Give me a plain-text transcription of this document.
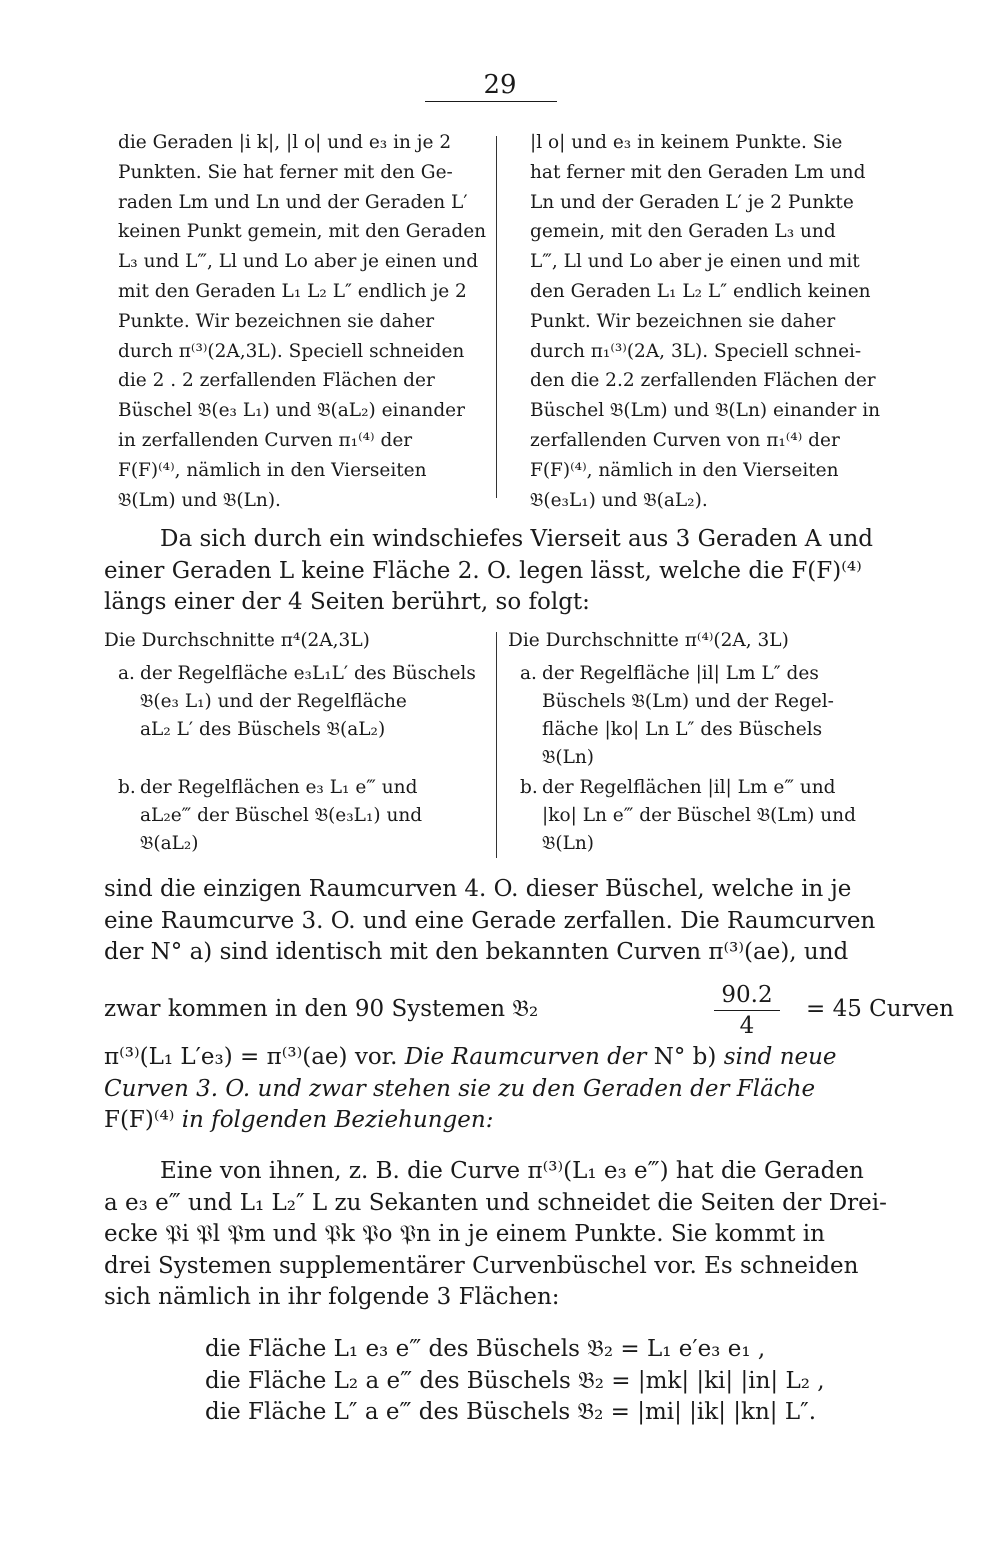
29
die Geraden |i k|, |l o| und e₃ in je 2
Punkten. Sie hat ferner mit den Ge-
raden Lm und Ln und der Geraden L′
keinen Punkt gemein, mit den Geraden
L₃ und L‴, Ll und Lo aber je einen und
mit den Geraden L₁ L₂ L″ endlich je 2
Punkte. Wir bezeichnen sie daher
durch π⁽³⁾(2A,3L). Speciell schneiden
die 2 . 2 zerfallenden Flächen der
Büschel 𝔅(e₃ L₁) und 𝔅(aL₂) einander
in zerfallenden Curven π₁⁽⁴⁾ der
F(F)⁽⁴⁾, nämlich in den Vierseiten
𝔅(Lm) und 𝔅(Ln).
|l o| und e₃ in keinem Punkte. Sie
hat ferner mit den Geraden Lm und
Ln und der Geraden L′ je 2 Punkte
gemein, mit den Geraden L₃ und
L‴, Ll und Lo aber je einen und mit
den Geraden L₁ L₂ L″ endlich keinen
Punkt. Wir bezeichnen sie daher
durch π₁⁽³⁾(2A, 3L). Speciell schnei-
den die 2.2 zerfallenden Flächen der
Büschel 𝔅(Lm) und 𝔅(Ln) einander in
zerfallenden Curven von π₁⁽⁴⁾ der
F(F)⁽⁴⁾, nämlich in den Vierseiten
𝔅(e₃L₁) und 𝔅(aL₂).
Da sich durch ein windschiefes Vierseit aus 3 Geraden A und
einer Geraden L keine Fläche 2. O. legen lässt, welche die F(F)⁽⁴⁾
längs einer der 4 Seiten berührt, so folgt:
Die Durchschnitte π⁴(2A,3L)	Die Durchschnitte π⁽⁴⁾(2A, 3L)
a. der Regelfläche e₃L₁L′ des Büschels
𝔅(e₃ L₁) und der Regelfläche
aL₂ L′ des Büschels 𝔅(aL₂)
b. der Regelflächen e₃ L₁ e‴ und
aL₂e‴ der Büschel 𝔅(e₃L₁) und
𝔅(aL₂)
a. der Regelfläche |il| Lm L″ des
Büschels 𝔅(Lm) und der Regel-
fläche |ko| Ln L″ des Büschels
𝔅(Ln)
b. der Regelflächen |il| Lm e‴ und
|ko| Ln e‴ der Büschel 𝔅(Lm) und
𝔅(Ln)
sind die einzigen Raumcurven 4. O. dieser Büschel, welche in je
eine Raumcurve 3. O. und eine Gerade zerfallen. Die Raumcurven
der N° a) sind identisch mit den bekannten Curven π⁽³⁾(ae), und
zwar kommen in den 90 Systemen 𝔅₂
90.2
4
= 45 Curven
π⁽³⁾(L₁ L′e₃) = π⁽³⁾(ae) vor. Die Raumcurven der N° b) sind neue
Curven 3. O. und zwar stehen sie zu den Geraden der Fläche
F(F)⁽⁴⁾ in folgenden Beziehungen:
Eine von ihnen, z. B. die Curve π⁽³⁾(L₁ e₃ e‴) hat die Geraden
a e₃ e‴ und L₁ L₂″ L zu Sekanten und schneidet die Seiten der Drei-
ecke 𝔓i 𝔓l 𝔓m und 𝔓k 𝔓o 𝔓n in je einem Punkte. Sie kommt in
drei Systemen supplementärer Curvenbüschel vor. Es schneiden
sich nämlich in ihr folgende 3 Flächen:
die Fläche L₁ e₃ e‴ des Büschels 𝔅₂ = L₁ e′e₃ e₁ ,
die Fläche L₂ a e‴ des Büschels 𝔅₂ = |mk| |ki| |in| L₂ ,
die Fläche L″ a e‴ des Büschels 𝔅₂ = |mi| |ik| |kn| L″.
